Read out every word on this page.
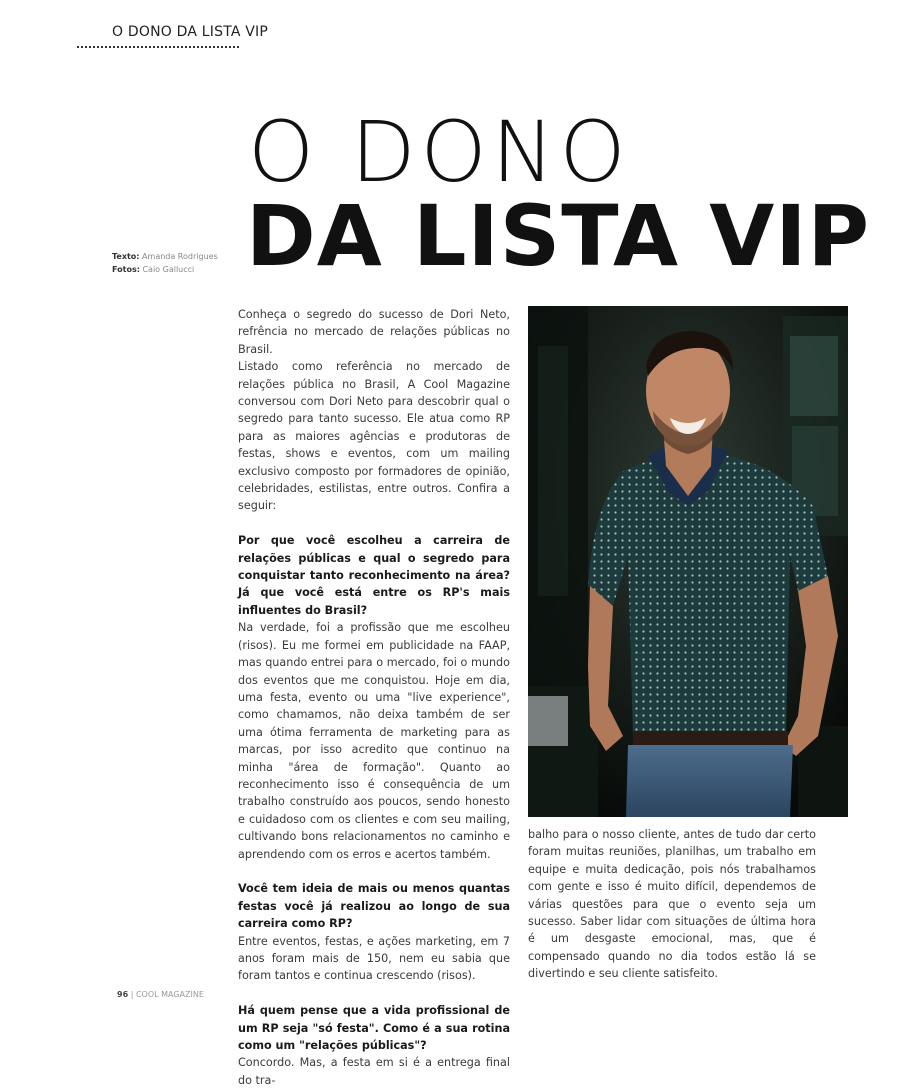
O DONO DA LISTA VIP
O DONO
DA LISTA VIP
Texto: Amanda Rodrigues
Fotos: Caio Gallucci

Conheça o segredo do sucesso de Dori Neto, refrência no mercado de relações públicas no Brasil.

Listado como referência no mercado de relações pública no Brasil, A Cool Magazine conversou com Dori Neto para descobrir qual o segredo para tanto sucesso. Ele atua como RP para as maiores agências e produtoras de festas, shows e eventos, com um mailing exclusivo composto por formadores de opinião, celebridades, estilistas, entre outros. Confira a seguir:

Por que você escolheu a carreira de relações públicas e qual o segredo para conquistar tanto reconhecimento na área? Já que você está entre os RP's mais influentes do Brasil?

Na verdade, foi a profissão que me escolheu (risos). Eu me formei em publicidade na FAAP, mas quando entrei para o mercado, foi o mundo dos eventos que me conquistou. Hoje em dia, uma festa, evento ou uma "live experience", como chamamos, não deixa também de ser uma ótima ferramenta de marketing para as marcas, por isso acredito que continuo na minha "área de formação". Quanto ao reconhecimento isso é consequência de um trabalho construído aos poucos, sendo honesto e cuidadoso com os clientes e com seu mailing, cultivando bons relacionamentos no caminho e aprendendo com os erros e acertos também.

Você tem ideia de mais ou menos quantas festas você já realizou ao longo de sua carreira como RP?

Entre eventos, festas, e ações marketing, em 7 anos foram mais de 150, nem eu sabia que foram tantos e continua crescendo (risos).

Há quem pense que a vida profissional de um RP seja "só festa". Como é a sua rotina como um "relações públicas"?

Concordo. Mas, a festa em si é a entrega final do tra-

balho para o nosso cliente, antes de tudo dar certo foram muitas reuniões, planilhas, um trabalho em equipe e muita dedicação, pois nós trabalhamos com gente e isso é muito difícil, dependemos de várias questões para que o evento seja um sucesso. Saber lidar com situações de última hora é um desgaste emocional, mas, que é compensado quando no dia todos estão lá se divertindo e seu cliente satisfeito.

96 | COOL MAGAZINE
